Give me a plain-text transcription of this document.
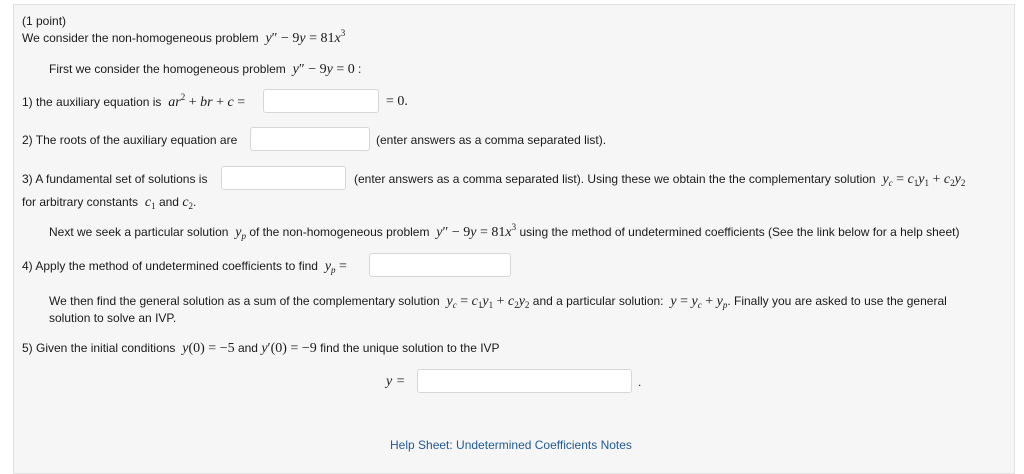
(1 point)
We consider the non-homogeneous problem $y'' - 9y = 81x^3$
First we consider the homogeneous problem y″ − 9y = 0 :
1) the auxiliary equation is $ar^2$ + br + c =	= 0.
2) The roots of the auxiliary equation are	(enter answers as a comma separated list).
3) A fundamental set of solutions is	(enter answers as a comma separated list). Using these we obtain the the complementary solution $y_c = c_1y_1 + c_2y_2$
for arbitrary constants $c_1$ and $c_2$.
Next we seek a particular solution $y_p$ of the non-homogeneous problem $y'' - 9y = 81x^3$ using the method of undetermined coefficients (See the link below for a help sheet)
4) Apply the method of undetermined coefficients to find $y_p$ =
We then find the general solution as a sum of the complementary solution $y_c = c_1y_1 + c_2y_2$ and a particular solution: $y = y_c + y_p$. Finally you are asked to use the general
solution to solve an IVP.
5) Given the initial conditions y(0) = −5 and y′(0) = −9 find the unique solution to the IVP
y =	.
Help Sheet: Undetermined Coefficients Notes
